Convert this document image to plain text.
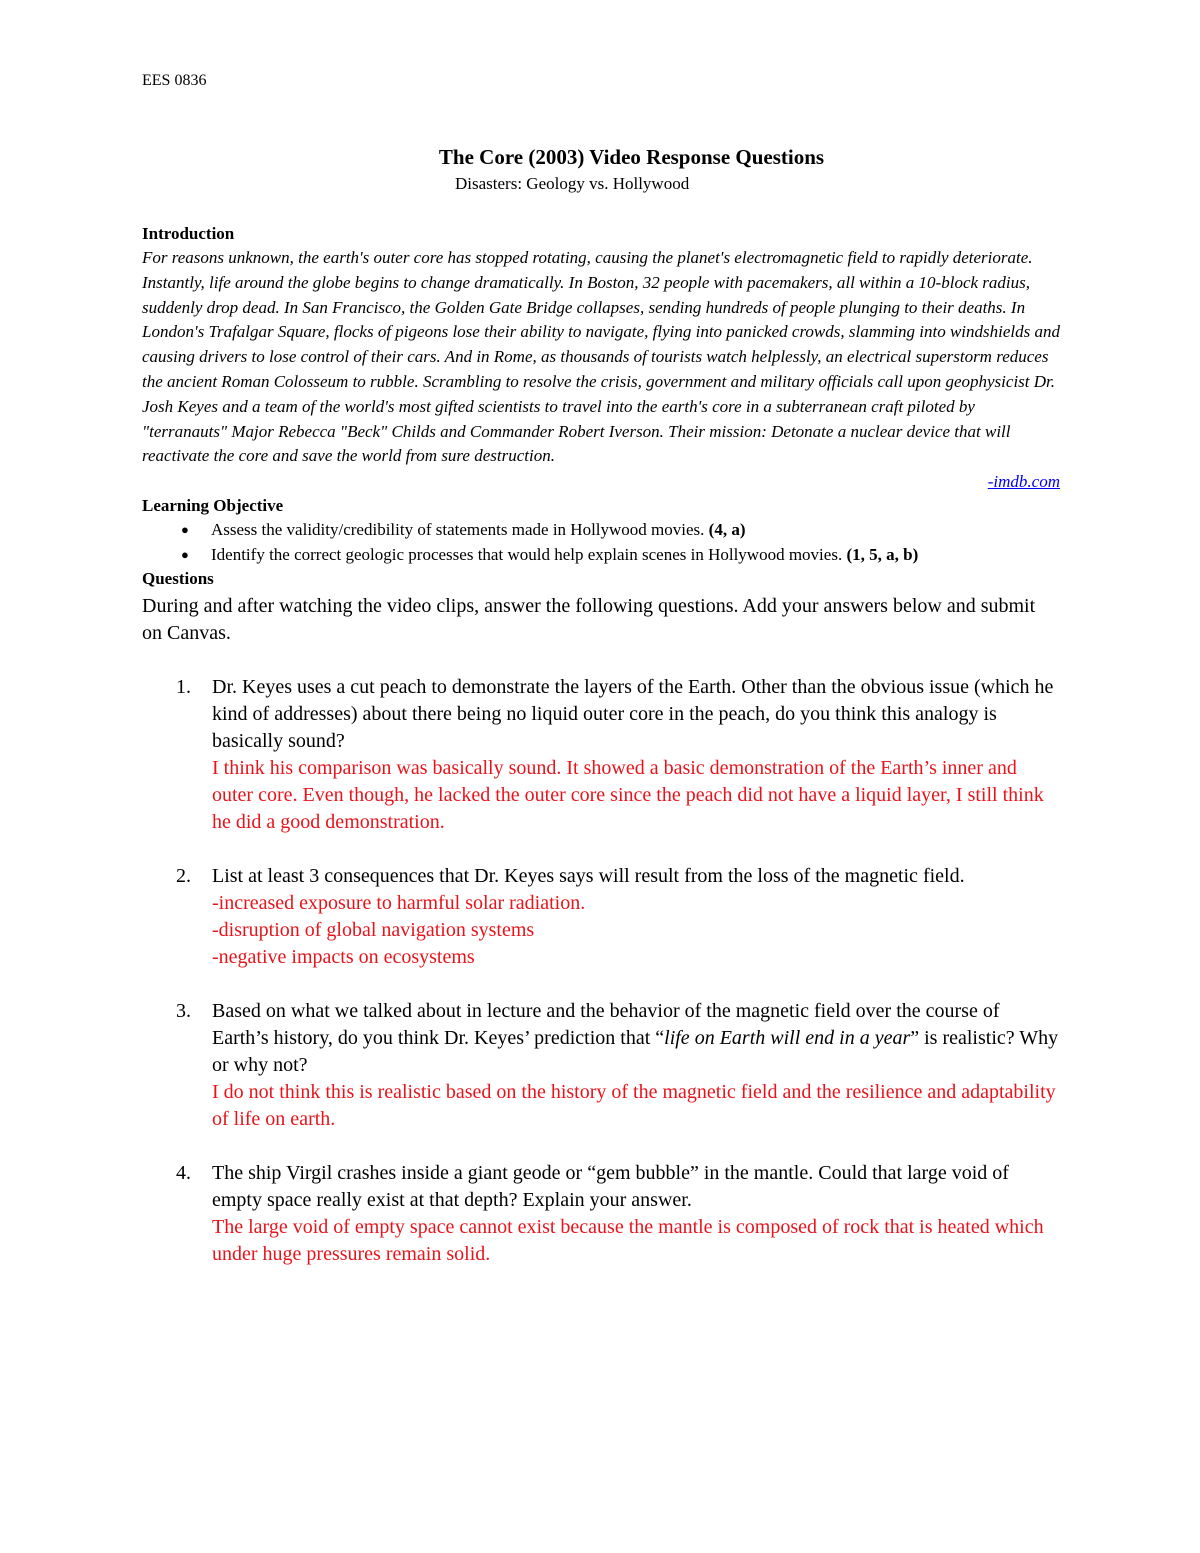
EES 0836
The Core (2003) Video Response Questions
Disasters: Geology vs. Hollywood
Introduction
For reasons unknown, the earth's outer core has stopped rotating, causing the planet's electromagnetic field to rapidly deteriorate. Instantly, life around the globe begins to change dramatically. In Boston, 32 people with pacemakers, all within a 10-block radius, suddenly drop dead. In San Francisco, the Golden Gate Bridge collapses, sending hundreds of people plunging to their deaths. In London's Trafalgar Square, flocks of pigeons lose their ability to navigate, flying into panicked crowds, slamming into windshields and causing drivers to lose control of their cars. And in Rome, as thousands of tourists watch helplessly, an electrical superstorm reduces the ancient Roman Colosseum to rubble. Scrambling to resolve the crisis, government and military officials call upon geophysicist Dr. Josh Keyes and a team of the world's most gifted scientists to travel into the earth's core in a subterranean craft piloted by "terranauts" Major Rebecca "Beck" Childs and Commander Robert Iverson. Their mission: Detonate a nuclear device that will reactivate the core and save the world from sure destruction.
-imdb.com
Learning Objective
● Assess the validity/credibility of statements made in Hollywood movies. (4, a)
● Identify the correct geologic processes that would help explain scenes in Hollywood movies. (1, 5, a, b)
Questions
During and after watching the video clips, answer the following questions. Add your answers below and submit on Canvas.
1. Dr. Keyes uses a cut peach to demonstrate the layers of the Earth. Other than the obvious issue (which he kind of addresses) about there being no liquid outer core in the peach, do you think this analogy is basically sound?
I think his comparison was basically sound. It showed a basic demonstration of the Earth’s inner and outer core. Even though, he lacked the outer core since the peach did not have a liquid layer, I still think he did a good demonstration.
2. List at least 3 consequences that Dr. Keyes says will result from the loss of the magnetic field.
-increased exposure to harmful solar radiation.
-disruption of global navigation systems
-negative impacts on ecosystems
3. Based on what we talked about in lecture and the behavior of the magnetic field over the course of Earth’s history, do you think Dr. Keyes’ prediction that “life on Earth will end in a year” is realistic? Why or why not?
I do not think this is realistic based on the history of the magnetic field and the resilience and adaptability of life on earth.
4. The ship Virgil crashes inside a giant geode or “gem bubble” in the mantle. Could that large void of empty space really exist at that depth? Explain your answer.
The large void of empty space cannot exist because the mantle is composed of rock that is heated which under huge pressures remain solid.
